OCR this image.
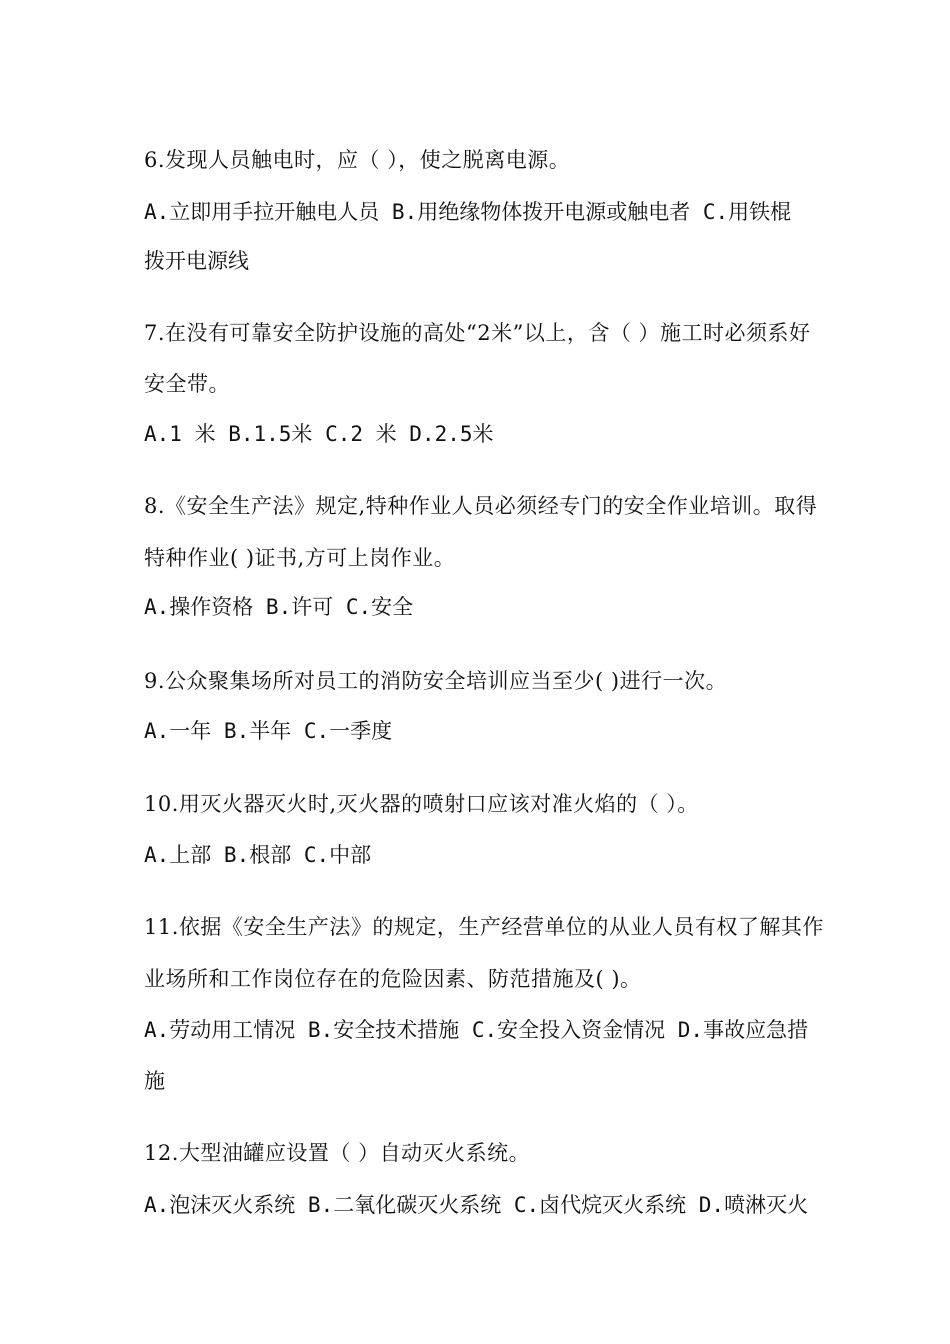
6.发现人员触电时，应（ ），使之脱离电源。
A.立即用手拉开触电人员 B.用绝缘物体拨开电源或触电者 C.用铁棍
拨开电源线
7.在没有可靠安全防护设施的高处“2米”以上，含（ ）施工时必须系好
安全带。
A.1 米 B.1.5米 C.2 米 D.2.5米
8.《安全生产法》规定,特种作业人员必须经专门的安全作业培训。取得
特种作业( )证书,方可上岗作业。
A.操作资格 B.许可 C.安全
9.公众聚集场所对员工的消防安全培训应当至少( )进行一次。
A.一年 B.半年 C.一季度
10.用灭火器灭火时,灭火器的喷射口应该对准火焰的（ ）。
A.上部 B.根部 C.中部
11.依据《安全生产法》的规定，生产经营单位的从业人员有权了解其作
业场所和工作岗位存在的危险因素、防范措施及( )。
A.劳动用工情况 B.安全技术措施 C.安全投入资金情况 D.事故应急措
施
12.大型油罐应设置（ ）自动灭火系统。
A.泡沫灭火系统 B.二氧化碳灭火系统 C.卤代烷灭火系统 D.喷淋灭火
